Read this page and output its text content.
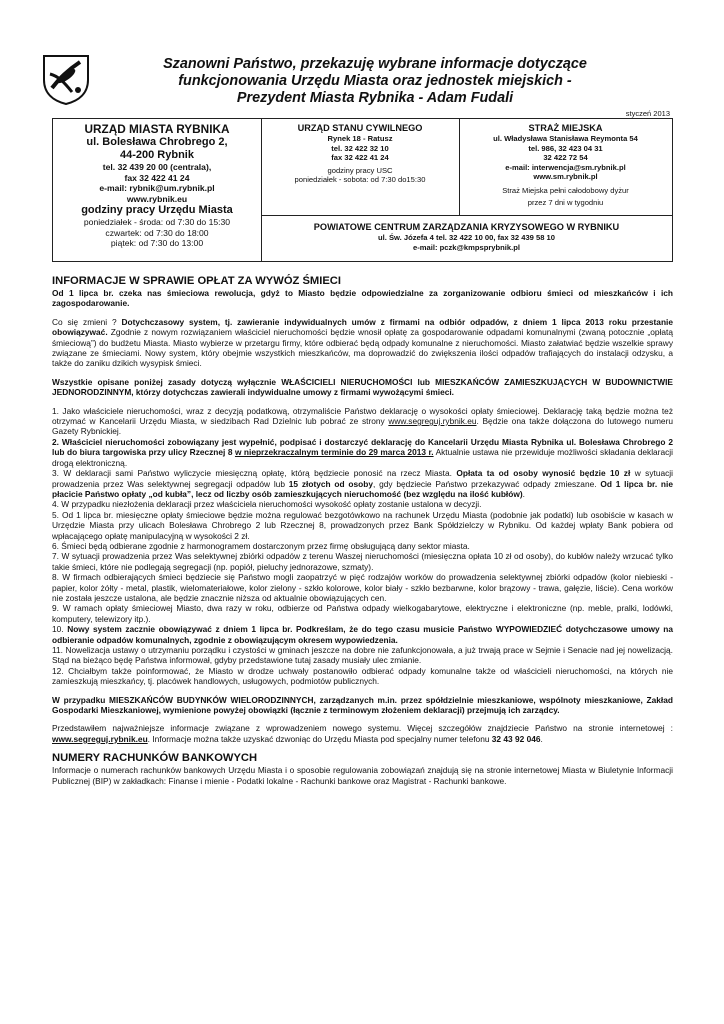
Szanowni Państwo, przekazuję wybrane informacje dotyczące
funkcjonowania Urzędu Miasta oraz jednostek miejskich -
Prezydent Miasta Rybnika - Adam Fudali
styczeń 2013
URZĄD MIASTA RYBNIKA
ul. Bolesława Chrobrego 2,
44-200 Rybnik
tel. 32 439 20 00 (centrala),
fax 32 422 41 24
e-mail: rybnik@um.rybnik.pl
www.rybnik.eu
godziny pracy Urzędu Miasta
poniedziałek - środa: od 7:30 do 15:30
czwartek: od 7:30 do 18:00
piątek: od 7:30 do 13:00
URZĄD STANU CYWILNEGO
Rynek 18 - Ratusz
tel. 32 422 32 10
fax 32 422 41 24
godziny pracy USC
poniedziałek - sobota: od 7:30 do15:30
STRAŻ MIEJSKA
ul. Władysława Stanisława Reymonta 54
tel. 986, 32 423 04 31
32 422 72 54
e-mail: interwencja@sm.rybnik.pl
www.sm.rybnik.pl
Straż Miejska pełni całodobowy dyżur
przez 7 dni w tygodniu
POWIATOWE CENTRUM ZARZĄDZANIA KRYZYSOWEGO W RYBNIKU
ul. Św. Józefa 4 tel. 32 422 10 00, fax 32 439 58 10
e-mail: pczk@kmpsprybnik.pl
INFORMACJE W SPRAWIE OPŁAT ZA WYWÓZ ŚMIECI

Od 1 lipca br. czeka nas śmieciowa rewolucja, gdyż to Miasto będzie odpowiedzialne za zorganizowanie odbioru śmieci od mieszkańców i ich zagospodarowanie.

Co się zmieni ? Dotychczasowy system, tj. zawieranie indywidualnych umów z firmami na odbiór odpadów, z dniem 1 lipca 2013 roku przestanie obowiązywać. Zgodnie z nowym rozwiązaniem właściciel nieruchomości będzie wnosił opłatę za gospodarowanie odpadami komunalnymi (zwaną potocznie „opłatą śmieciową”) do budżetu Miasta. Miasto wybierze w przetargu firmy, które odbierać będą odpady komunalne z nieruchomości. Miasto załatwiać będzie wszelkie sprawy związane ze śmieciami. Nowy system, który obejmie wszystkich mieszkańców, ma doprowadzić do zwiększenia ilości odpadów trafiających do instalacji odzysku, a także do zaniku dzikich wysypisk śmieci.

Wszystkie opisane poniżej zasady dotyczą wyłącznie WŁAŚCICIELI NIERUCHOMOŚCI lub MIESZKAŃCÓW ZAMIESZKUJĄCYCH W BUDOWNICTWIE JEDNORODZINNYM, którzy dotychczas zawierali indywidualne umowy z firmami wywożącymi śmieci.

1. Jako właściciele nieruchomości, wraz z decyzją podatkową, otrzymaliście Państwo deklarację o wysokości opłaty śmieciowej. Deklarację taką będzie można też otrzymać w Kancelarii Urzędu Miasta, w siedzibach Rad Dzielnic lub pobrać ze strony www.segreguj.rybnik.eu. Będzie ona także dołączona do lutowego numeru Gazety Rybnickiej.

2. Właściciel nieruchomości zobowiązany jest wypełnić, podpisać i dostarczyć deklarację do Kancelarii Urzędu Miasta Rybnika ul. Bolesława Chrobrego 2 lub do biura targowiska przy ulicy Rzecznej 8 w nieprzekraczalnym terminie do 29 marca 2013 r. Aktualnie ustawa nie przewiduje możliwości składania deklaracji drogą elektroniczną.

3. W deklaracji sami Państwo wyliczycie miesięczną opłatę, którą będziecie ponosić na rzecz Miasta. Opłata ta od osoby wynosić będzie 10 zł w sytuacji prowadzenia przez Was selektywnej segregacji odpadów lub 15 złotych od osoby, gdy będziecie Państwo przekazywać odpady zmieszane. Od 1 lipca br. nie płacicie Państwo opłaty „od kubła”, lecz od liczby osób zamieszkujących nieruchomość (bez względu na ilość kubłów).

4. W przypadku niezłożenia deklaracji przez właściciela nieruchomości wysokość opłaty zostanie ustalona w decyzji.

5. Od 1 lipca br. miesięczne opłaty śmieciowe będzie można regulować bezgotówkowo na rachunek Urzędu Miasta (podobnie jak podatki) lub osobiście w kasach w Urzędzie Miasta przy ulicach Bolesława Chrobrego 2 lub Rzecznej 8, prowadzonych przez Bank Spółdzielczy w Rybniku. Od każdej wpłaty Bank pobiera od wpłacającego opłatę manipulacyjną w wysokości 2 zł.

6. Śmieci będą odbierane zgodnie z harmonogramem dostarczonym przez firmę obsługującą dany sektor miasta.

7. W sytuacji prowadzenia przez Was selektywnej zbiórki odpadów z terenu Waszej nieruchomości (miesięczna opłata 10 zł od osoby), do kubłów należy wrzucać tylko takie śmieci, które nie podlegają segregacji (np. popiół, pieluchy jednorazowe, szmaty).

8. W firmach odbierających śmieci będziecie się Państwo mogli zaopatrzyć w pięć rodzajów worków do prowadzenia selektywnej zbiórki odpadów (kolor niebieski - papier, kolor żółty - metal, plastik, wielomateriałowe, kolor zielony - szkło kolorowe, kolor biały - szkło bezbarwne, kolor brązowy - trawa, gałęzie, liście). Cena worków nie została jeszcze ustalona, ale będzie znacznie niższa od aktualnie obowiązujących cen.

9. W ramach opłaty śmieciowej Miasto, dwa razy w roku, odbierze od Państwa odpady wielkogabarytowe, elektryczne i elektroniczne (np. meble, pralki, lodówki, komputery, telewizory itp.).

10. Nowy system zacznie obowiązywać z dniem 1 lipca br. Podkreślam, że do tego czasu musicie Państwo WYPOWIEDZIEĆ dotychczasowe umowy na odbieranie odpadów komunalnych, zgodnie z obowiązującym okresem wypowiedzenia.

11. Nowelizacja ustawy o utrzymaniu porządku i czystości w gminach jeszcze na dobre nie zafunkcjonowała, a już trwają prace w Sejmie i Senacie nad jej nowelizacją. Stąd na bieżąco będę Państwa informował, gdyby przedstawione tutaj zasady musiały ulec zmianie.

12. Chciałbym także poinformować, że Miasto w drodze uchwały postanowiło odbierać odpady komunalne także od właścicieli nieruchomości, na których nie zamieszkują mieszkańcy, tj. placówek handlowych, usługowych, podmiotów publicznych.

W przypadku MIESZKAŃCÓW BUDYNKÓW WIELORODZINNYCH, zarządzanych m.in. przez spółdzielnie mieszkaniowe, wspólnoty mieszkaniowe, Zakład Gospodarki Mieszkaniowej, wymienione powyżej obowiązki (łącznie z terminowym złożeniem deklaracji) przejmują ich zarządcy.

Przedstawiłem najważniejsze informacje związane z wprowadzeniem nowego systemu. Więcej szczegółów znajdziecie Państwo na stronie internetowej : www.segreguj.rybnik.eu. Informacje można także uzyskać dzwoniąc do Urzędu Miasta pod specjalny numer telefonu 32 43 92 046.

NUMERY RACHUNKÓW BANKOWYCH

Informacje o numerach rachunków bankowych Urzędu Miasta i o sposobie regulowania zobowiązań znajdują się na stronie internetowej Miasta w Biuletynie Informacji Publicznej (BIP) w zakładkach: Finanse i mienie - Podatki lokalne - Rachunki bankowe oraz Magistrat - Rachunki bankowe.
